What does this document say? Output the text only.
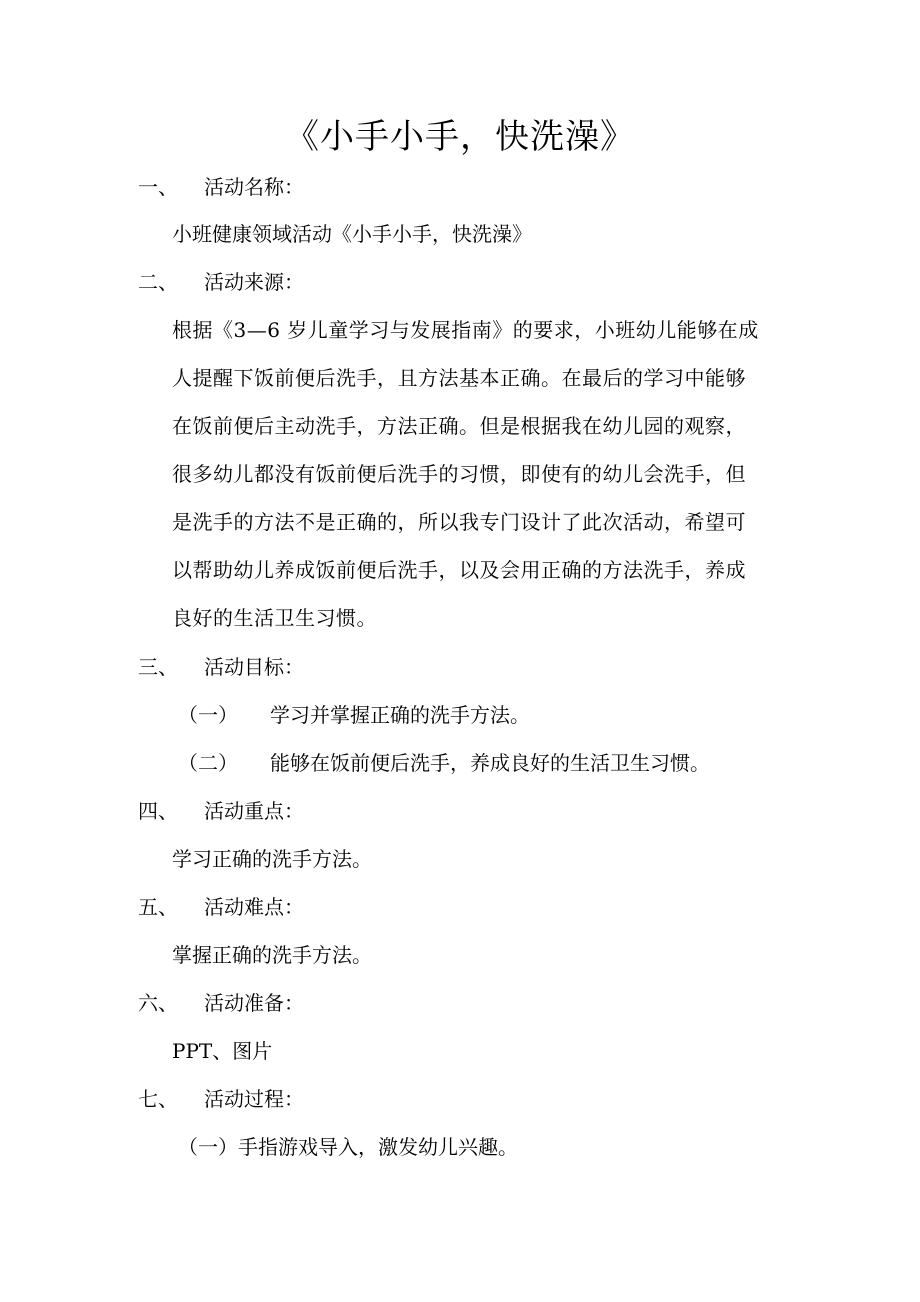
《小手小手，快洗澡》
一、 活动名称：
小班健康领域活动《小手小手，快洗澡》
二、 活动来源：
根据《3—6 岁儿童学习与发展指南》的要求，小班幼儿能够在成
人提醒下饭前便后洗手，且方法基本正确。在最后的学习中能够
在饭前便后主动洗手，方法正确。但是根据我在幼儿园的观察，
很多幼儿都没有饭前便后洗手的习惯，即使有的幼儿会洗手，但
是洗手的方法不是正确的，所以我专门设计了此次活动，希望可
以帮助幼儿养成饭前便后洗手，以及会用正确的方法洗手，养成
良好的生活卫生习惯。
三、 活动目标：
（一） 学习并掌握正确的洗手方法。
（二） 能够在饭前便后洗手，养成良好的生活卫生习惯。
四、 活动重点：
学习正确的洗手方法。
五、 活动难点：
掌握正确的洗手方法。
六、 活动准备：
PPT、图片
七、 活动过程：
（一）手指游戏导入，激发幼儿兴趣。
